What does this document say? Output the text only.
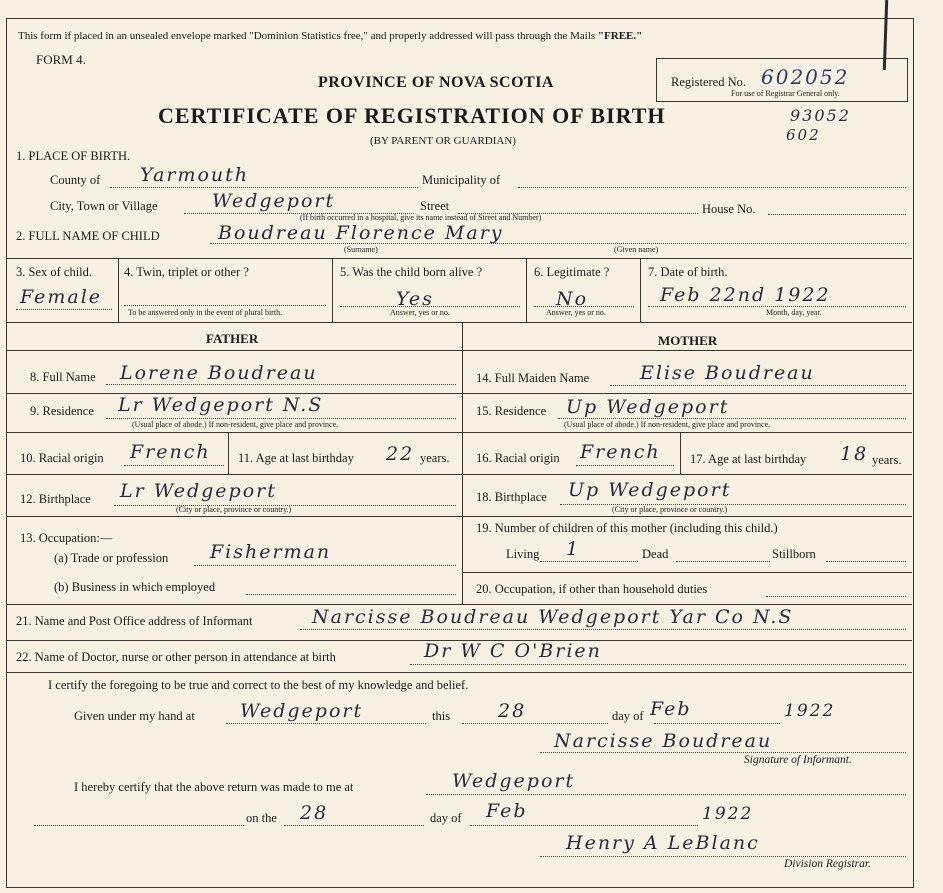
This form if placed in an unsealed envelope marked "Dominion Statistics free," and properly addressed will pass through the Mails "FREE."
FORM 4.
PROVINCE OF NOVA SCOTIA
CERTIFICATE OF REGISTRATION OF BIRTH
(BY PARENT OR GUARDIAN)
Registered No. 602052
For use of Registrar General only.
93052
602
1. PLACE OF BIRTH.
County of Yarmouth	Municipality of
City, Town or Village	Wedgeport	Street	House No.
(If birth occurred in a hospital, give its name instead of Street and Number)
2. FULL NAME OF CHILD	Boudreau Florence Mary
(Surname)	(Given name)
3. Sex of child.
Female
4. Twin, triplet or other ?
To be answered only in the event of plural birth.
5. Was the child born alive ?
Yes
Answer, yes or no.
6. Legitimate ?
No
Answer, yes or no.
7. Date of birth.
Feb 22nd 1922
Month, day, year.
FATHER	MOTHER
8. Full Name Lorene Boudreau
9. Residence Lr Wedgeport N.S
(Usual place of abode.) If non-resident, give place and province.
10. Racial origin French 11. Age at last birthday 22 years.
12. Birthplace Lr Wedgeport
(City or place, province or country.)
13. Occupation:—
(a) Trade or profession Fisherman
(b) Business in which employed
14. Full Maiden Name	Elise Boudreau
15. Residence Up Wedgeport
(Usual place of abode.) If non-resident, give place and province.
16. Racial origin French 17. Age at last birthday 18 years.
18. Birthplace Up Wedgeport
(City or place, province or country.)
19. Number of children of this mother (including this child.)
Living 1	Dead	Stillborn
20. Occupation, if other than household duties
21. Name and Post Office address of Informant	Narcisse Boudreau Wedgeport Yar Co N.S
22. Name of Doctor, nurse or other person in attendance at birth	Dr W C O'Brien
I certify the foregoing to be true and correct to the best of my knowledge and belief.
Given under my hand at Wedgeport	this	28	day of Feb	1922
Narcisse Boudreau
Signature of Informant.
I hereby certify that the above return was made to me at	Wedgeport
on the 28	day of Feb	1922
Henry A LeBlanc
Division Registrar.
